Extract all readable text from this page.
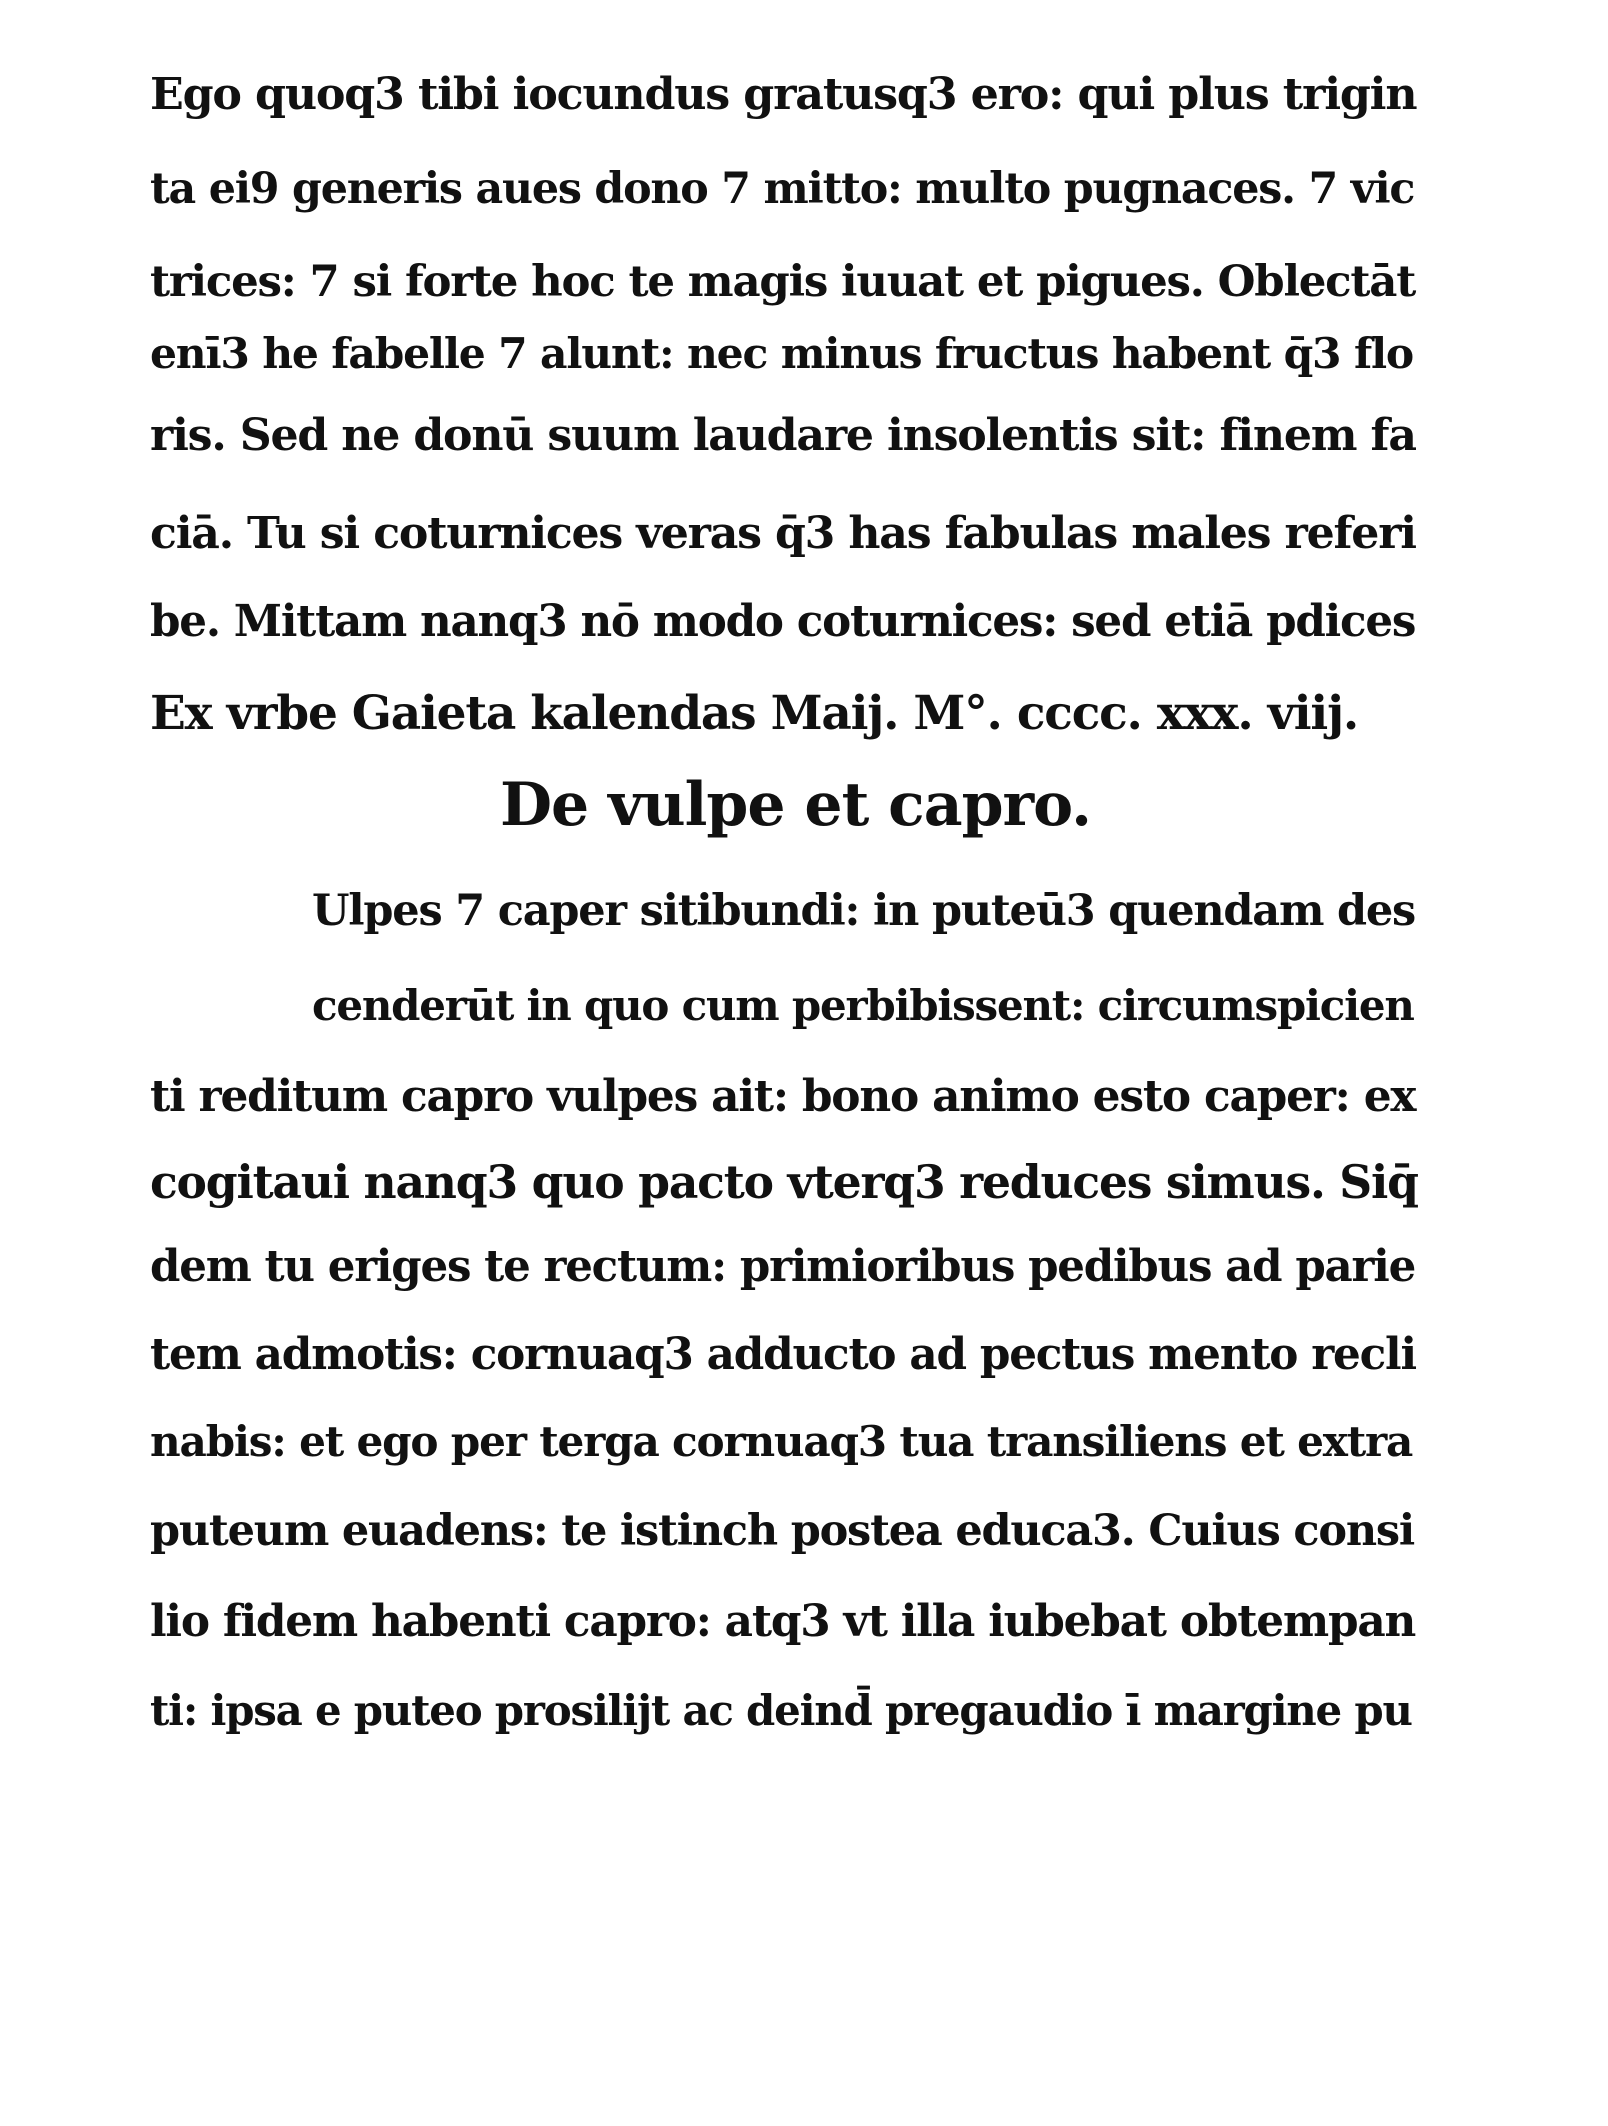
Ego quoq3 tibi iocundus gratusq3 ero: qui plus trigin
ta ei9 generis aues dono 7 mitto: multo pugnaces. 7 vic
trices: 7 si forte hoc te magis iuuat et pigues. Oblectāt
enī3 he fabelle 7 alunt: nec minus fructus habent q̄3 flo
ris. Sed ne donū suum laudare insolentis sit: finem fa
ciā. Tu si coturnices veras q̄3 has fabulas males referi
be. Mittam nanq3 nō modo coturnices: sed etiā pdices
Ex vrbe Gaieta kalendas Maij. M°. cccc. xxx. viij.
De vulpe et capro.
Ulpes 7 caper sitibundi: in puteū3 quendam des
cenderūt in quo cum perbibissent: circumspicien
ti reditum capro vulpes ait: bono animo esto caper: ex
cogitaui nanq3 quo pacto vterq3 reduces simus. Siq̄
dem tu eriges te rectum: primioribus pedibus ad parie
tem admotis: cornuaq3 adducto ad pectus mento recli
nabis: et ego per terga cornuaq3 tua transiliens et extra
puteum euadens: te istinch postea educa3. Cuius consi
lio fidem habenti capro: atq3 vt illa iubebat obtempan
ti: ipsa e puteo prosilijt ac deind̄ pregaudio ī margine pu
